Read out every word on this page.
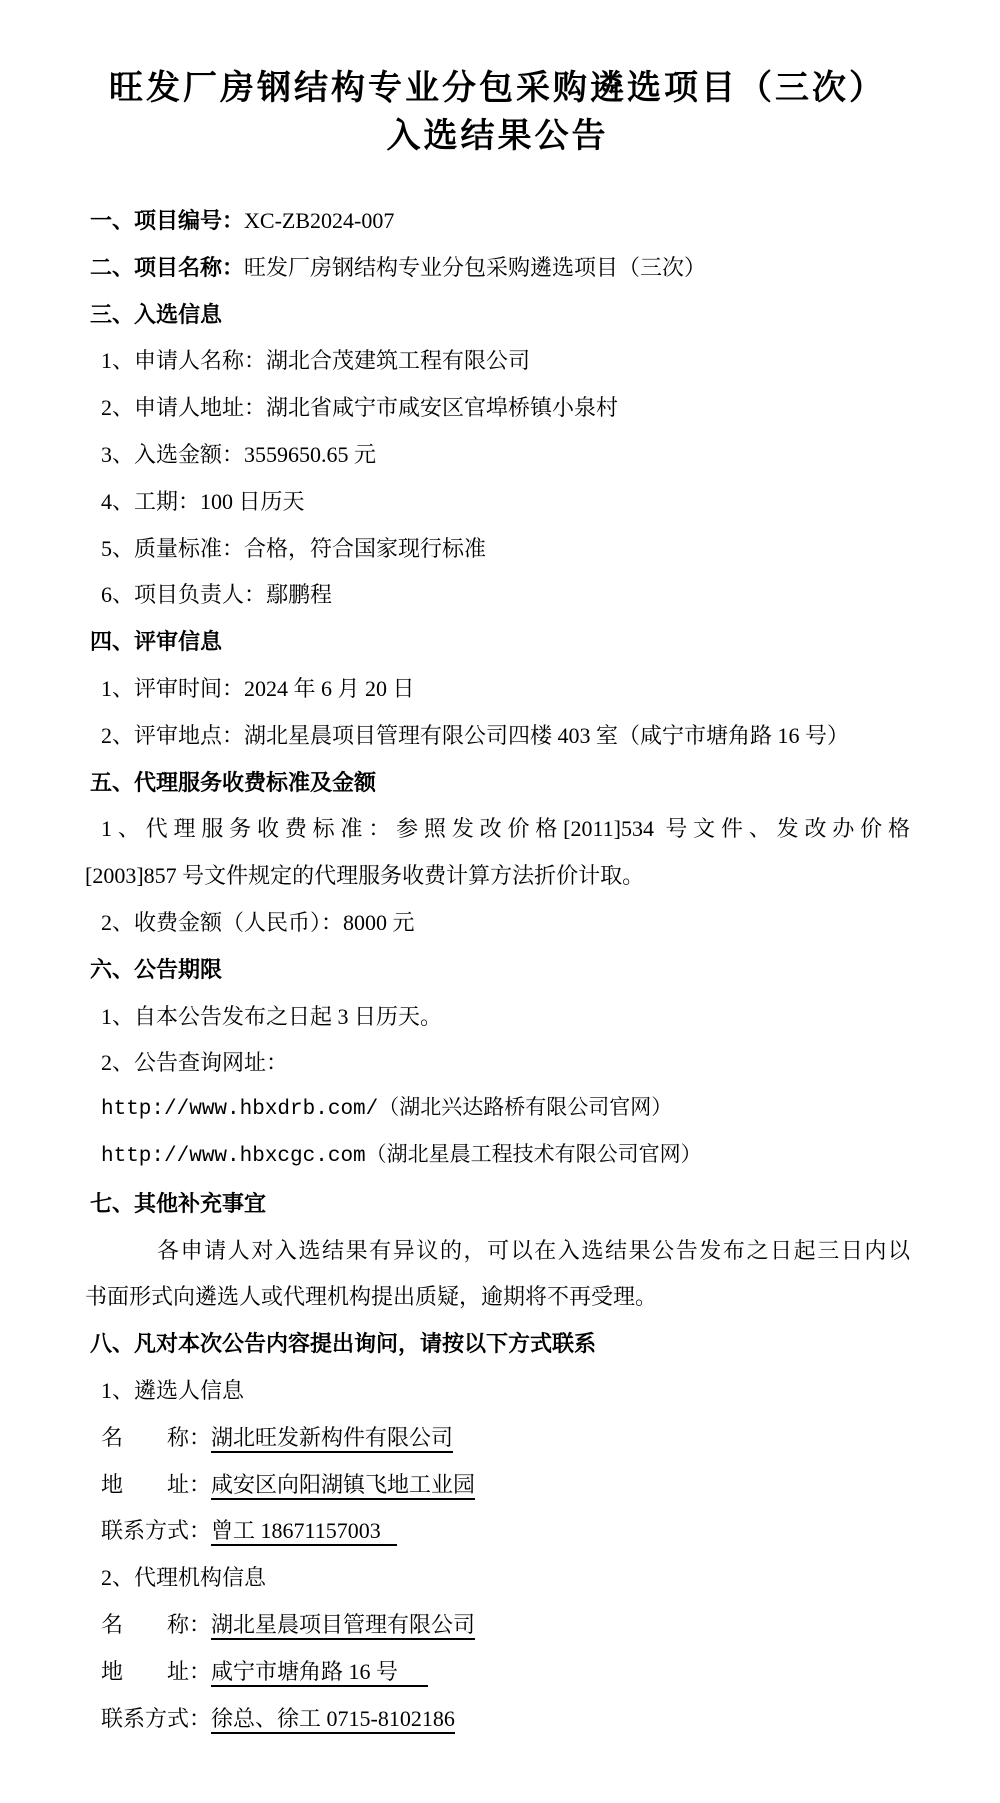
旺发厂房钢结构专业分包采购遴选项目（三次）
入选结果公告
一、项目编号：XC-ZB2024-007
二、项目名称：旺发厂房钢结构专业分包采购遴选项目（三次）
三、入选信息
1、申请人名称：湖北合茂建筑工程有限公司
2、申请人地址：湖北省咸宁市咸安区官埠桥镇小泉村
3、入选金额：3559650.65 元
4、工期：100 日历天
5、质量标准：合格，符合国家现行标准
6、项目负责人：鄢鹏程
四、评审信息
1、评审时间：2024 年 6 月 20 日
2、评审地点：湖北星晨项目管理有限公司四楼 403 室（咸宁市塘角路 16 号）
五、代理服务收费标准及金额
1、代理服务收费标准：参照发改价格[2011]534 号文件、发改办价格
[2003]857 号文件规定的代理服务收费计算方法折价计取。
2、收费金额（人民币）：8000 元
六、公告期限
1、自本公告发布之日起 3 日历天。
2、公告查询网址：
http://www.hbxdrb.com/（湖北兴达路桥有限公司官网）
http://www.hbxcgc.com（湖北星晨工程技术有限公司官网）
七、其他补充事宜
各申请人对入选结果有异议的，可以在入选结果公告发布之日起三日内以
书面形式向遴选人或代理机构提出质疑，逾期将不再受理。
八、凡对本次公告内容提出询问，请按以下方式联系
1、遴选人信息
名　　称：湖北旺发新构件有限公司
地　　址：咸安区向阳湖镇飞地工业园
联系方式：曾工 18671157003
2、代理机构信息
名　　称：湖北星晨项目管理有限公司
地　　址：咸宁市塘角路 16 号
联系方式：徐总、徐工 0715-8102186
